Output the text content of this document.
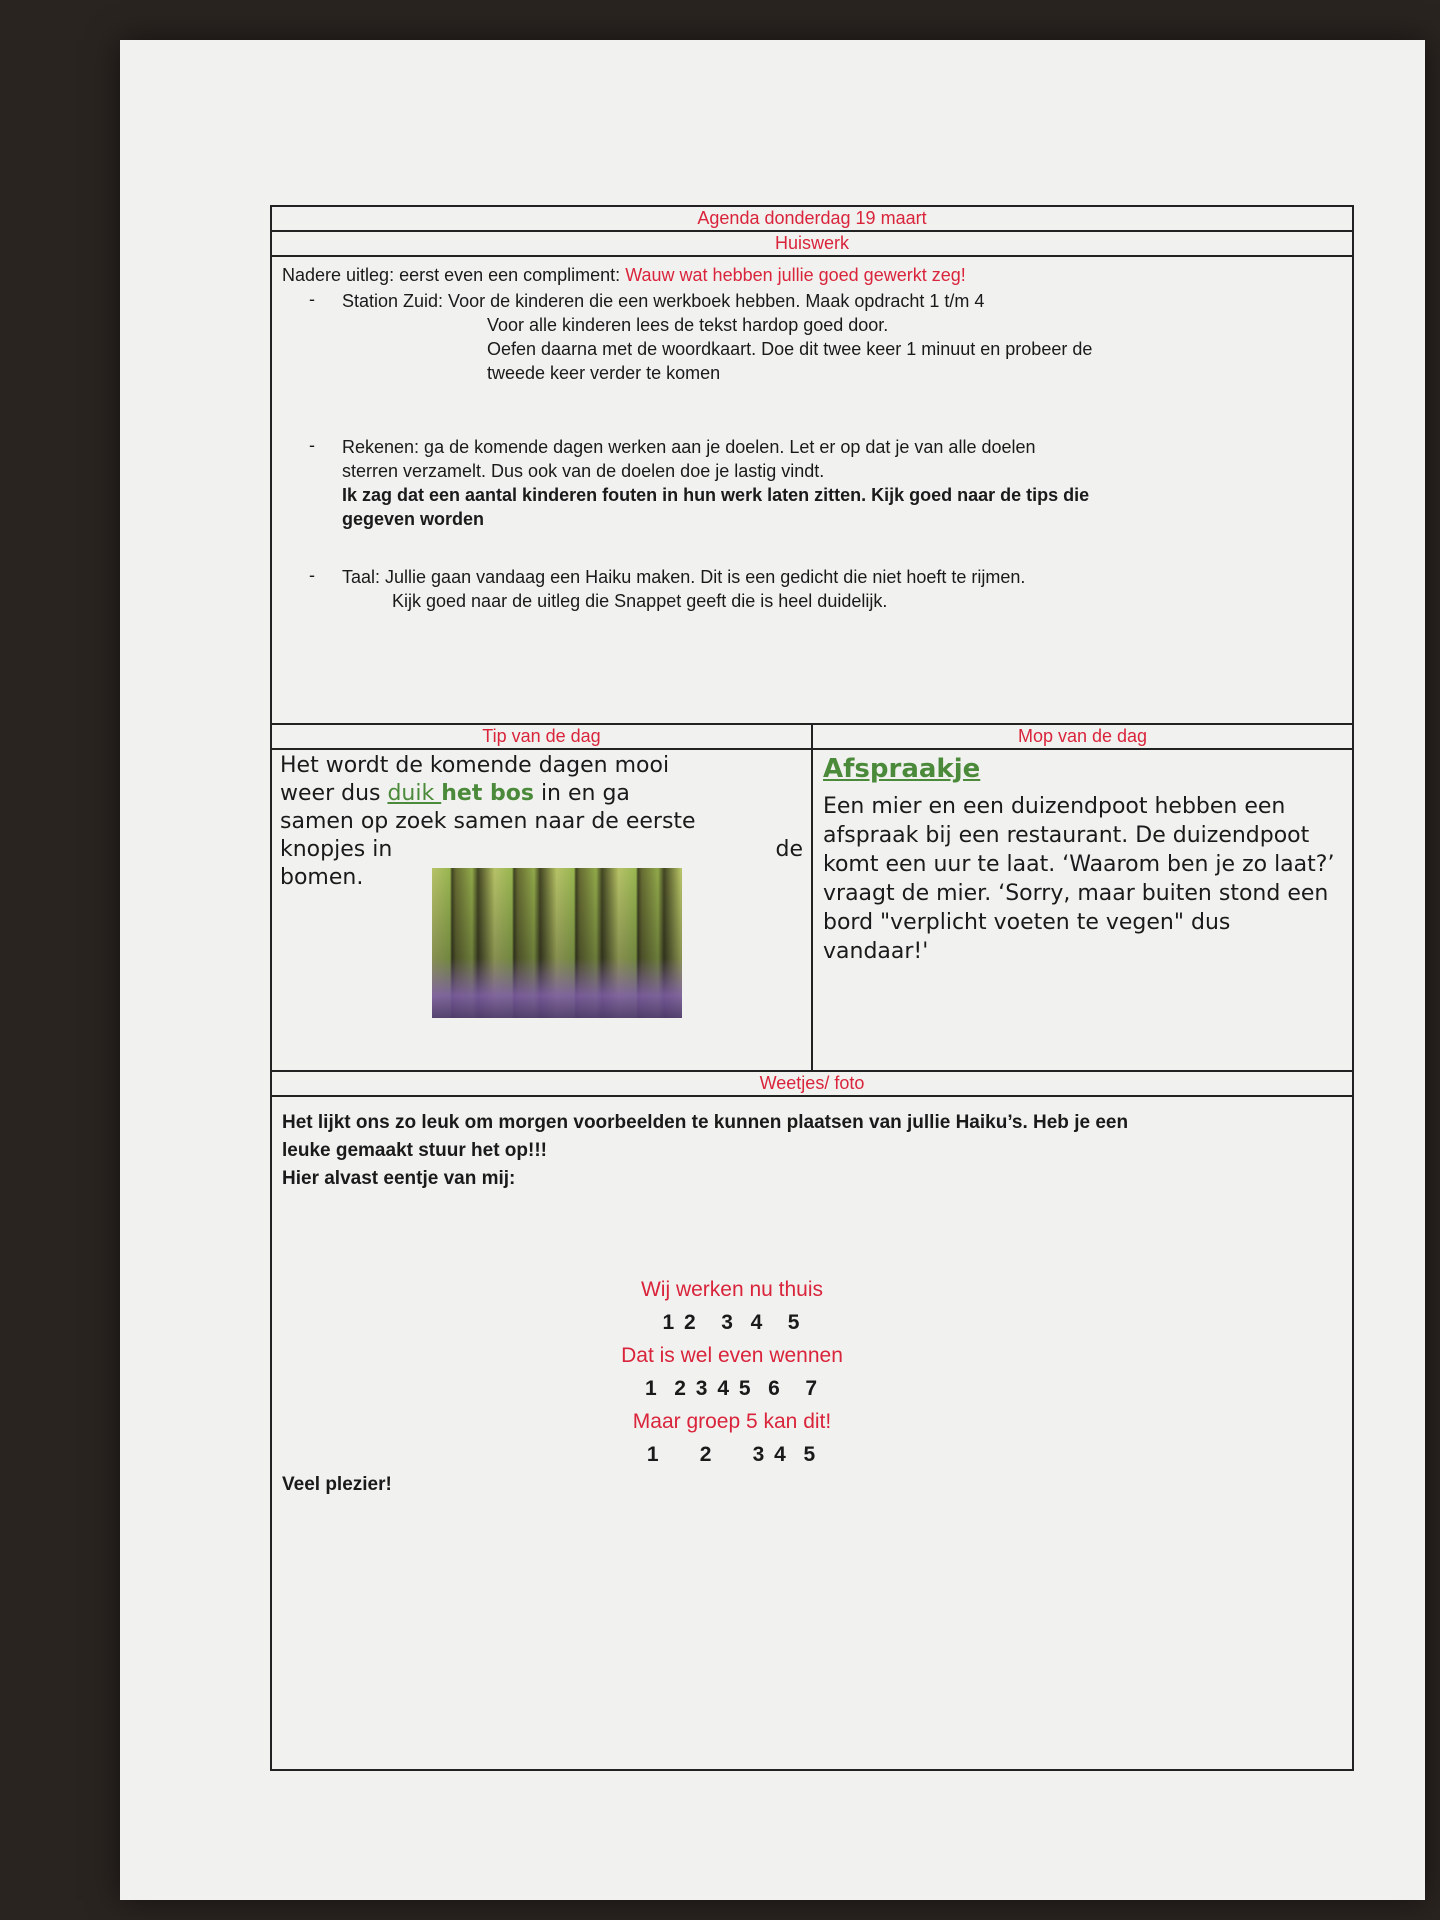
Agenda donderdag 19 maart
Huiswerk

Nadere uitleg: eerst even een compliment: Wauw wat hebben jullie goed gewerkt zeg!

-	Station Zuid: Voor de kinderen die een werkboek hebben. Maak opdracht 1 t/m 4

Voor alle kinderen lees de tekst hardop goed door.

Oefen daarna met de woordkaart. Doe dit twee keer 1 minuut en probeer de

tweede keer verder te komen

-	Rekenen: ga de komende dagen werken aan je doelen. Let er op dat je van alle doelen

sterren verzamelt. Dus ook van de doelen doe je lastig vindt.

Ik zag dat een aantal kinderen fouten in hun werk laten zitten. Kijk goed naar de tips die

gegeven worden

-	Taal: Jullie gaan vandaag een Haiku maken. Dit is een gedicht die niet hoeft te rijmen.

Kijk goed naar de uitleg die Snappet geeft die is heel duidelijk.

Tip van de dag
Het wordt de komende dagen mooi
weer dus duik het bos in en ga
samen op zoek samen naar de eerste
knopjes in	de
bomen.
Mop van de dag
Afspraakje
Een mier en een duizendpoot hebben een afspraak bij een restaurant. De duizendpoot komt een uur te laat. ‘Waarom ben je zo laat?’ vraagt de mier. ‘Sorry, maar buiten stond een bord "verplicht voeten te vegen" dus vandaar!'
Weetjes/ foto

Het lijkt ons zo leuk om morgen voorbeelden te kunnen plaatsen van jullie Haiku’s. Heb je een

leuke gemaakt stuur het op!!!

Hier alvast eentje van mij:

Wij werken nu thuis
1 2   3  4   5
Dat is wel even wennen
1  2 3 4 5  6   7
Maar groep 5 kan dit!
1     2     3 4  5

Veel plezier!
